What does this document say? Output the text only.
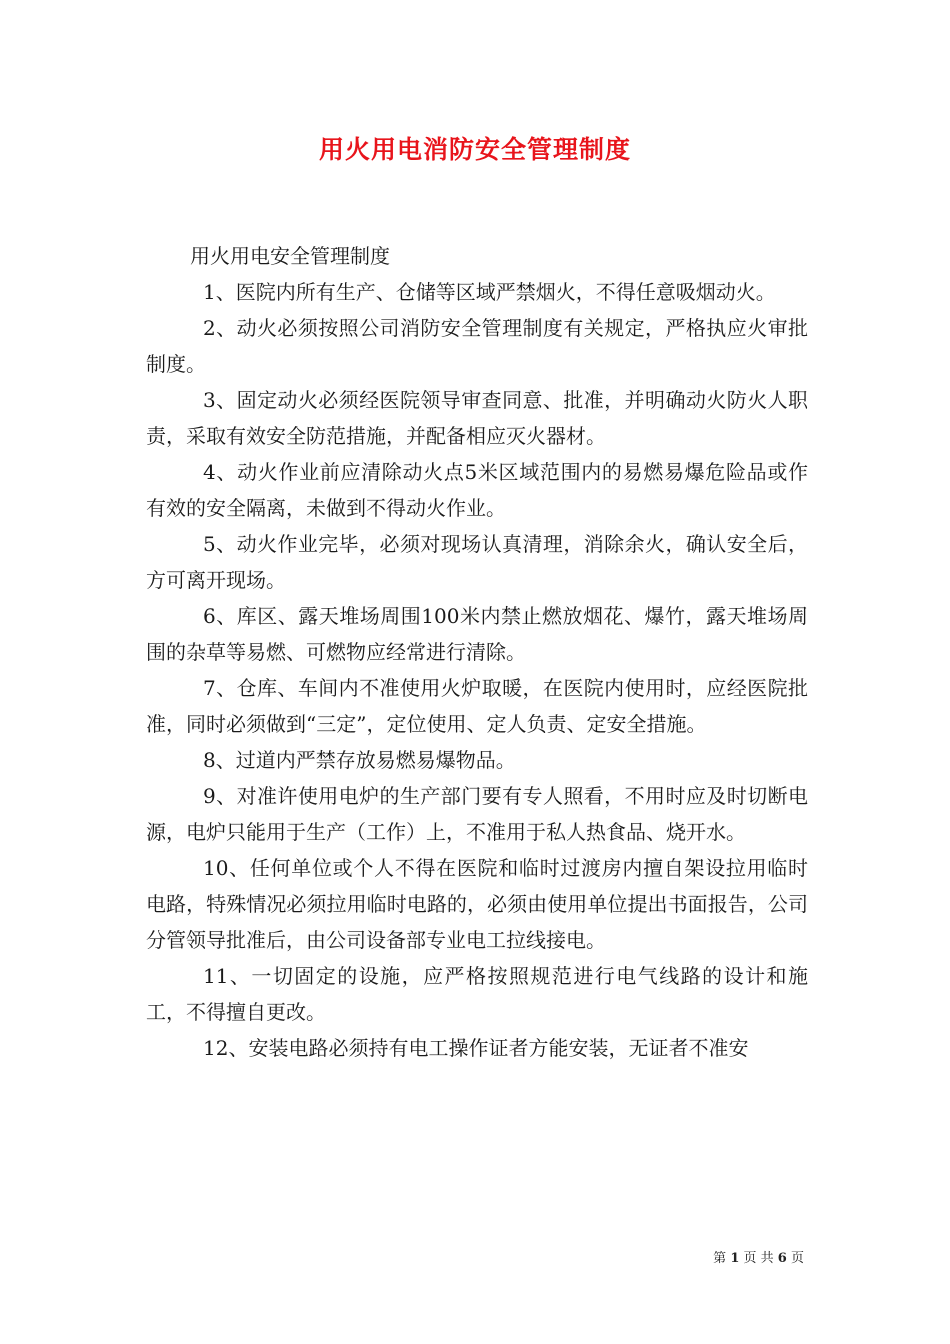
用火用电消防安全管理制度

用火用电安全管理制度

1、医院内所有生产、仓储等区域严禁烟火，不得任意吸烟动火。

2、动火必须按照公司消防安全管理制度有关规定，严格执应火审批制度。

3、固定动火必须经医院领导审查同意、批准，并明确动火防火人职责，采取有效安全防范措施，并配备相应灭火器材。

4、动火作业前应清除动火点5米区域范围内的易燃易爆危险品或作有效的安全隔离，未做到不得动火作业。

5、动火作业完毕，必须对现场认真清理，消除余火，确认安全后，方可离开现场。

6、库区、露天堆场周围100米内禁止燃放烟花、爆竹，露天堆场周围的杂草等易燃、可燃物应经常进行清除。

7、仓库、车间内不准使用火炉取暖，在医院内使用时，应经医院批准，同时必须做到“三定”，定位使用、定人负责、定安全措施。

8、过道内严禁存放易燃易爆物品。

9、对准许使用电炉的生产部门要有专人照看，不用时应及时切断电源，电炉只能用于生产（工作）上，不准用于私人热食品、烧开水。

10、任何单位或个人不得在医院和临时过渡房内擅自架设拉用临时电路，特殊情况必须拉用临时电路的，必须由使用单位提出书面报告，公司分管领导批准后，由公司设备部专业电工拉线接电。

11、一切固定的设施，应严格按照规范进行电气线路的设计和施工，不得擅自更改。

12、安装电路必须持有电工操作证者方能安装，无证者不准安

第 1 页 共 6 页
